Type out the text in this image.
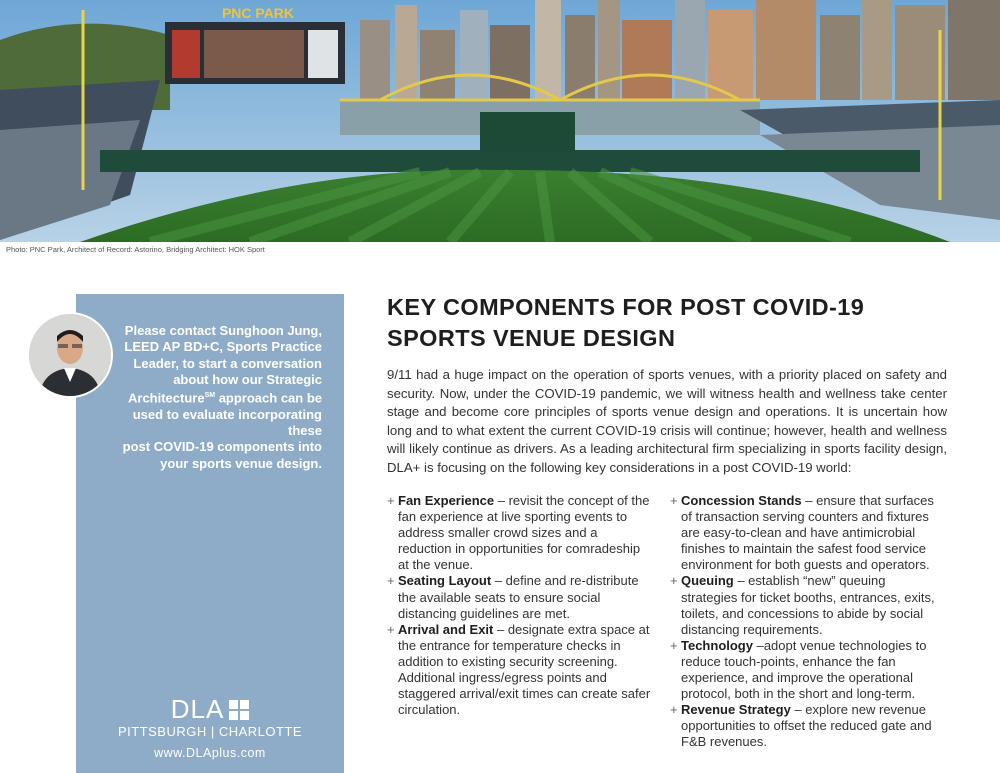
PNC PARK
Photo: PNC Park, Architect of Record: Astorino, Bridging Architect: HOK Sport
Please contact Sunghoon Jung,
LEED AP BD+C, Sports Practice
Leader, to start a conversation
about how our Strategic
Architecture℠ approach can be
used to evaluate incorporating these
post COVID-19 components into
your sports venue design.
DLA
PITTSBURGH | CHARLOTTE
www.DLAplus.com
KEY COMPONENTS FOR POST COVID-19
SPORTS VENUE DESIGN

9/11 had a huge impact on the operation of sports venues, with a priority placed on safety and security. Now, under the COVID-19 pandemic, we will witness health and wellness take center stage and become core principles of sports venue design and operations. It is uncertain how long and to what extent the current COVID-19 crisis will continue; however, health and wellness will likely continue as drivers. As a leading architectural firm specializing in sports facility design, DLA+ is focusing on the following key considerations in a post COVID-19 world:

+ Fan Experience – revisit the concept of the fan experience at live sporting events to address smaller crowd sizes and a reduction in opportunities for comradeship at the venue.
+ Seating Layout – define and re-distribute the available seats to ensure social distancing guidelines are met.
+ Arrival and Exit – designate extra space at the entrance for temperature checks in addition to existing security screening. Additional ingress/egress points and staggered arrival/exit times can create safer circulation.
+ Concession Stands – ensure that surfaces of transaction serving counters and fixtures are easy-to-clean and have antimicrobial finishes to maintain the safest food service environment for both guests and operators.
+ Queuing – establish “new” queuing strategies for ticket booths, entrances, exits, toilets, and concessions to abide by social distancing requirements.
+ Technology –adopt venue technologies to reduce touch-points, enhance the fan experience, and improve the operational protocol, both in the short and long-term.
+ Revenue Strategy – explore new revenue opportunities to offset the reduced gate and F&B revenues.
